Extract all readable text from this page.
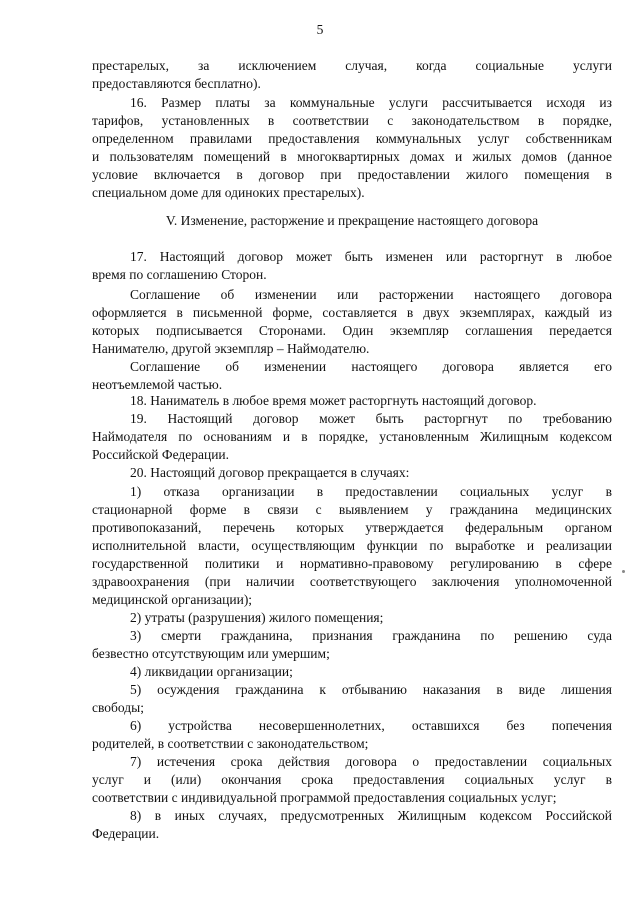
5
престарелых, за исключением случая, когда социальные услуги
предоставляются бесплатно).
16. Размер платы за коммунальные услуги рассчитывается исходя из
тарифов, установленных в соответствии с законодательством в порядке,
определенном правилами предоставления коммунальных услуг собственникам
и пользователям помещений в многоквартирных домах и жилых домов (данное
условие включается в договор при предоставлении жилого помещения в
специальном доме для одиноких престарелых).
V. Изменение, расторжение и прекращение настоящего договора
17. Настоящий договор может быть изменен или расторгнут в любое
время по соглашению Сторон.
Соглашение об изменении или расторжении настоящего договора
оформляется в письменной форме, составляется в двух экземплярах, каждый из
которых подписывается Сторонами. Один экземпляр соглашения передается
Нанимателю, другой экземпляр – Наймодателю.
Соглашение об изменении настоящего договора является его
неотъемлемой частью.
18. Наниматель в любое время может расторгнуть настоящий договор.
19. Настоящий договор может быть расторгнут по требованию
Наймодателя по основаниям и в порядке, установленным Жилищным кодексом
Российской Федерации.
20. Настоящий договор прекращается в случаях:
1) отказа организации в предоставлении социальных услуг в
стационарной форме в связи с выявлением у гражданина медицинских
противопоказаний, перечень которых утверждается федеральным органом
исполнительной власти, осуществляющим функции по выработке и реализации
государственной политики и нормативно-правовому регулированию в сфере
здравоохранения (при наличии соответствующего заключения уполномоченной
медицинской организации);
2) утраты (разрушения) жилого помещения;
3) смерти гражданина, признания гражданина по решению суда
безвестно отсутствующим или умершим;
4) ликвидации организации;
5) осуждения гражданина к отбыванию наказания в виде лишения
свободы;
6) устройства несовершеннолетних, оставшихся без попечения
родителей, в соответствии с законодательством;
7) истечения срока действия договора о предоставлении социальных
услуг и (или) окончания срока предоставления социальных услуг в
соответствии с индивидуальной программой предоставления социальных услуг;
8) в иных случаях, предусмотренных Жилищным кодексом Российской
Федерации.
